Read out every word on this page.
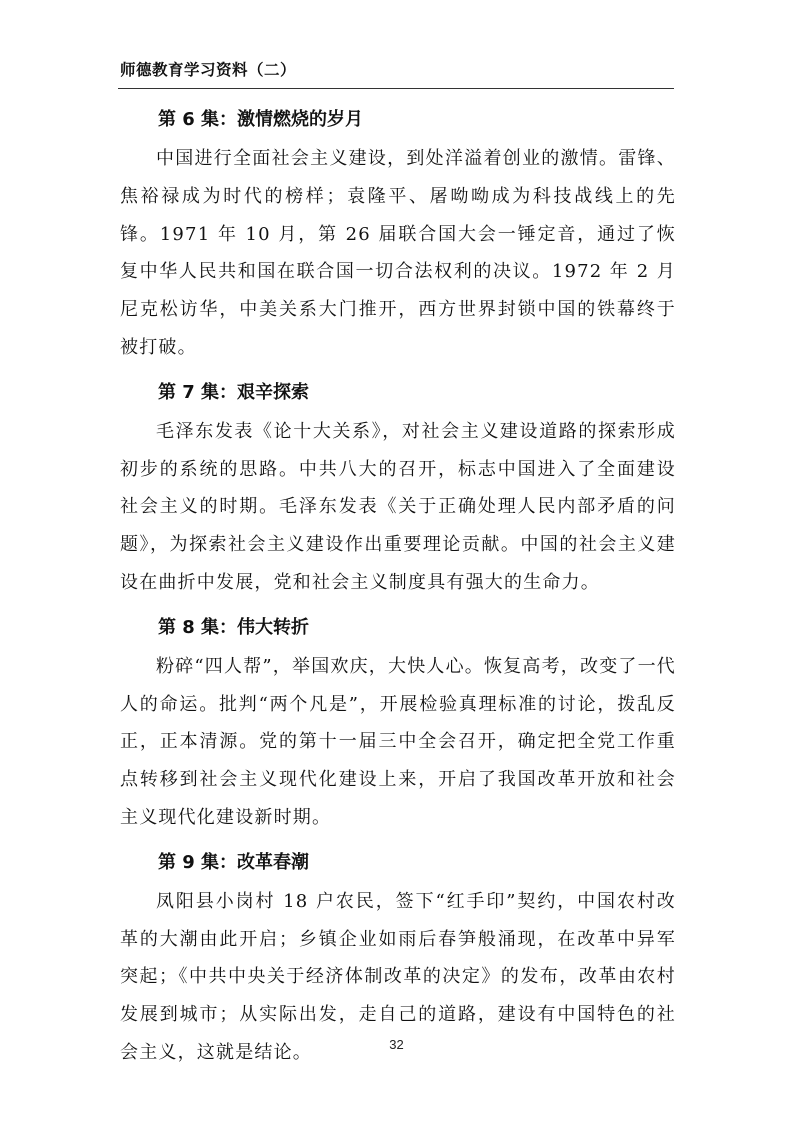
师德教育学习资料（二）
第 6 集：激情燃烧的岁月

中国进行全面社会主义建设，到处洋溢着创业的激情。雷锋、焦裕禄成为时代的榜样；袁隆平、屠呦呦成为科技战线上的先锋。1971 年 10 月，第 26 届联合国大会一锤定音，通过了恢复中华人民共和国在联合国一切合法权利的决议。1972 年 2 月尼克松访华，中美关系大门推开，西方世界封锁中国的铁幕终于被打破。

第 7 集：艰辛探索

毛泽东发表《论十大关系》，对社会主义建设道路的探索形成初步的系统的思路。中共八大的召开，标志中国进入了全面建设社会主义的时期。毛泽东发表《关于正确处理人民内部矛盾的问题》，为探索社会主义建设作出重要理论贡献。中国的社会主义建设在曲折中发展，党和社会主义制度具有强大的生命力。

第 8 集：伟大转折

粉碎“四人帮”，举国欢庆，大快人心。恢复高考，改变了一代人的命运。批判“两个凡是”，开展检验真理标准的讨论，拨乱反正，正本清源。党的第十一届三中全会召开，确定把全党工作重点转移到社会主义现代化建设上来，开启了我国改革开放和社会主义现代化建设新时期。

第 9 集：改革春潮

凤阳县小岗村 18 户农民，签下“红手印”契约，中国农村改革的大潮由此开启；乡镇企业如雨后春笋般涌现，在改革中异军突起；《中共中央关于经济体制改革的决定》的发布，改革由农村发展到城市；从实际出发，走自己的道路，建设有中国特色的社会主义，这就是结论。	32
